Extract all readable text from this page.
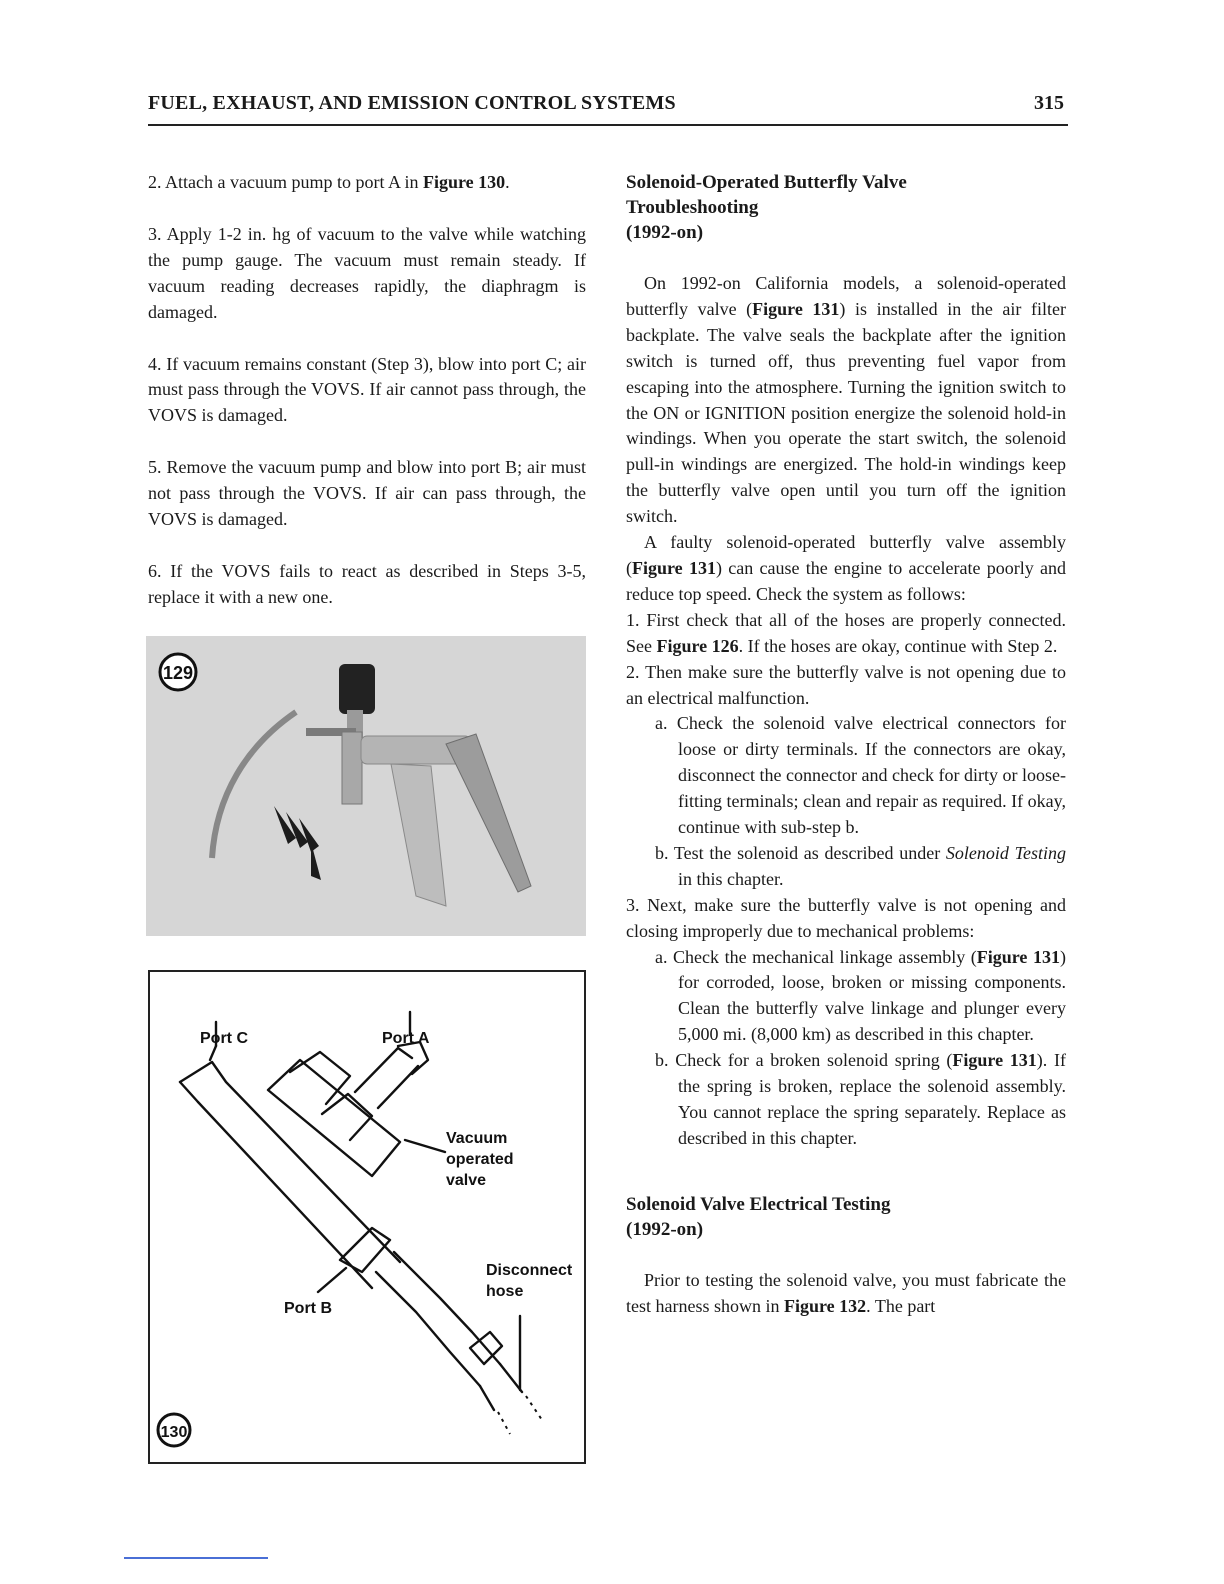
FUEL, EXHAUST, AND EMISSION CONTROL SYSTEMS	315

2. Attach a vacuum pump to port A in Figure 130.

3. Apply 1-2 in. hg of vacuum to the valve while watching the pump gauge. The vacuum must remain steady. If vacuum reading decreases rapidly, the diaphragm is damaged.

4. If vacuum remains constant (Step 3), blow into port C; air must pass through the VOVS. If air cannot pass through, the VOVS is damaged.

5. Remove the vacuum pump and blow into port B; air must not pass through the VOVS. If air can pass through, the VOVS is damaged.

6. If the VOVS fails to react as described in Steps 3-5, replace it with a new one.

129
130
Port C	Port A
Vacuum
operated
valve
Disconnect
hose
Port B
Solenoid-Operated Butterfly Valve
Troubleshooting
(1992-on)

On 1992-on California models, a solenoid-operated butterfly valve (Figure 131) is installed in the air filter backplate. The valve seals the backplate after the ignition switch is turned off, thus preventing fuel vapor from escaping into the atmosphere. Turning the ignition switch to the ON or IGNITION position energize the solenoid hold-in windings. When you operate the start switch, the solenoid pull-in windings are energized. The hold-in windings keep the butterfly valve open until you turn off the ignition switch.

A faulty solenoid-operated butterfly valve assembly (Figure 131) can cause the engine to accelerate poorly and reduce top speed. Check the system as follows:

1. First check that all of the hoses are properly connected. See Figure 126. If the hoses are okay, continue with Step 2.

2. Then make sure the butterfly valve is not opening due to an electrical malfunction.

a. Check the solenoid valve electrical connectors for loose or dirty terminals. If the connectors are okay, disconnect the connector and check for dirty or loose-fitting terminals; clean and repair as required. If okay, continue with sub-step b.

b. Test the solenoid as described under Solenoid Testing in this chapter.

3. Next, make sure the butterfly valve is not opening and closing improperly due to mechanical problems:

a. Check the mechanical linkage assembly (Figure 131) for corroded, loose, broken or missing components. Clean the butterfly valve linkage and plunger every 5,000 mi. (8,000 km) as described in this chapter.

b. Check for a broken solenoid spring (Figure 131). If the spring is broken, replace the solenoid assembly. You cannot replace the spring separately. Replace as described in this chapter.

Solenoid Valve Electrical Testing
(1992-on)

Prior to testing the solenoid valve, you must fabricate the test harness shown in Figure 132. The part
